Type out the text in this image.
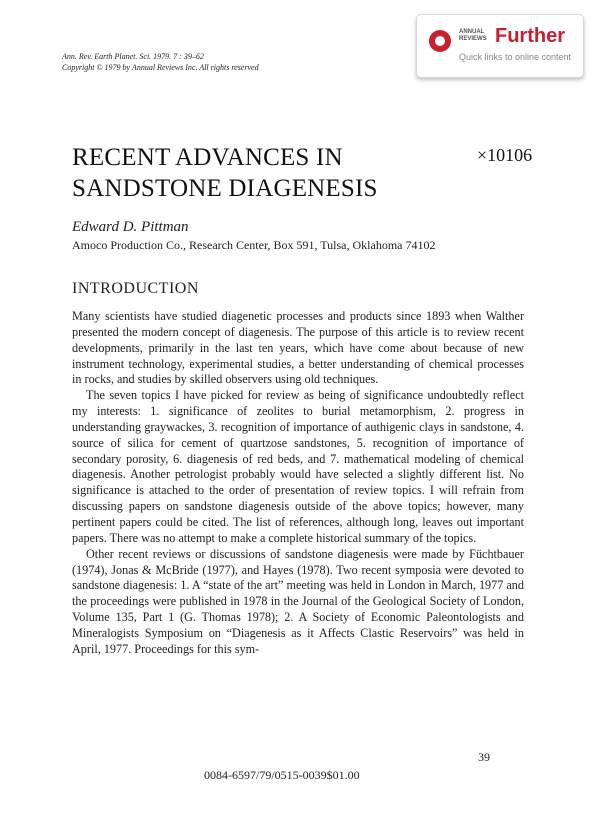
Ann. Rev. Earth Planet. Sci. 1979. 7 : 39–62
Copyright © 1979 by Annual Reviews Inc. All rights reserved
ANNUAL REVIEWS Further
Quick links to online content
RECENT ADVANCES IN
SANDSTONE DIAGENESIS
×10106
Edward D. Pittman
Amoco Production Co., Research Center, Box 591, Tulsa, Oklahoma 74102
INTRODUCTION

Many scientists have studied diagenetic processes and products since 1893 when Walther presented the modern concept of diagenesis. The purpose of this article is to review recent developments, primarily in the last ten years, which have come about because of new instrument technology, experimental studies, a better understanding of chemical processes in rocks, and studies by skilled observers using old techniques.

The seven topics I have picked for review as being of significance undoubtedly reflect my interests: 1. significance of zeolites to burial metamorphism, 2. progress in understanding graywackes, 3. recognition of importance of authigenic clays in sandstone, 4. source of silica for cement of quartzose sandstones, 5. recognition of importance of secondary porosity, 6. diagenesis of red beds, and 7. mathematical modeling of chemical diagenesis. Another petrologist probably would have selected a slightly different list. No significance is attached to the order of presentation of review topics. I will refrain from discussing papers on sandstone diagenesis outside of the above topics; however, many pertinent papers could be cited. The list of references, although long, leaves out important papers. There was no attempt to make a complete historical summary of the topics.

Other recent reviews or discussions of sandstone diagenesis were made by Füchtbauer (1974), Jonas & McBride (1977), and Hayes (1978). Two recent symposia were devoted to sandstone diagenesis: 1. A “state of the art” meeting was held in London in March, 1977 and the proceedings were published in 1978 in the Journal of the Geological Society of London, Volume 135, Part 1 (G. Thomas 1978); 2. A Society of Economic Paleontologists and Mineralogists Symposium on “Diagenesis as it Affects Clastic Reservoirs” was held in April, 1977. Proceedings for this sym-

39
0084-6597/79/0515-0039$01.00
